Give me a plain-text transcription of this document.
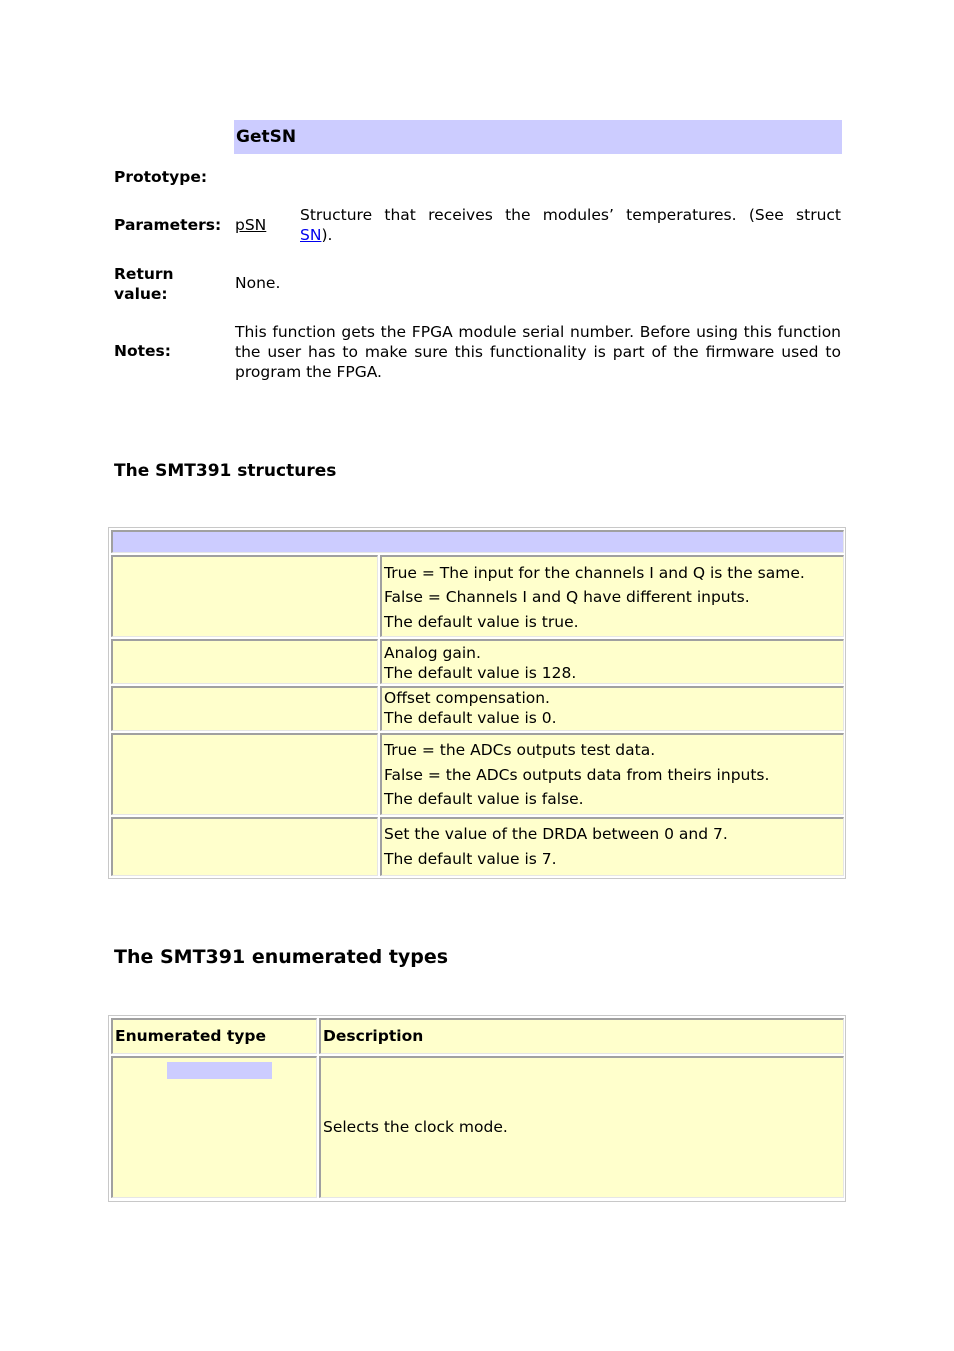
GetSN
Prototype:
Parameters: pSN
Structure that receives the modules’ temperatures. (See struct
SN).
Return
value:
None.
Notes:
This function gets the FPGA module serial number. Before using this function the user has to make sure this functionality is part of the firmware used to program the FPGA.
The SMT391 structures
True = The input for the channels I and Q is the same.
False = Channels I and Q have different inputs.
The default value is true.
Analog gain.
The default value is 128.
Offset compensation.
The default value is 0.
True = the ADCs outputs test data.
False = the ADCs outputs data from theirs inputs.
The default value is false.
Set the value of the DRDA between 0 and 7.
The default value is 7.
The SMT391 enumerated types
Enumerated type	Description
Selects the clock mode.
